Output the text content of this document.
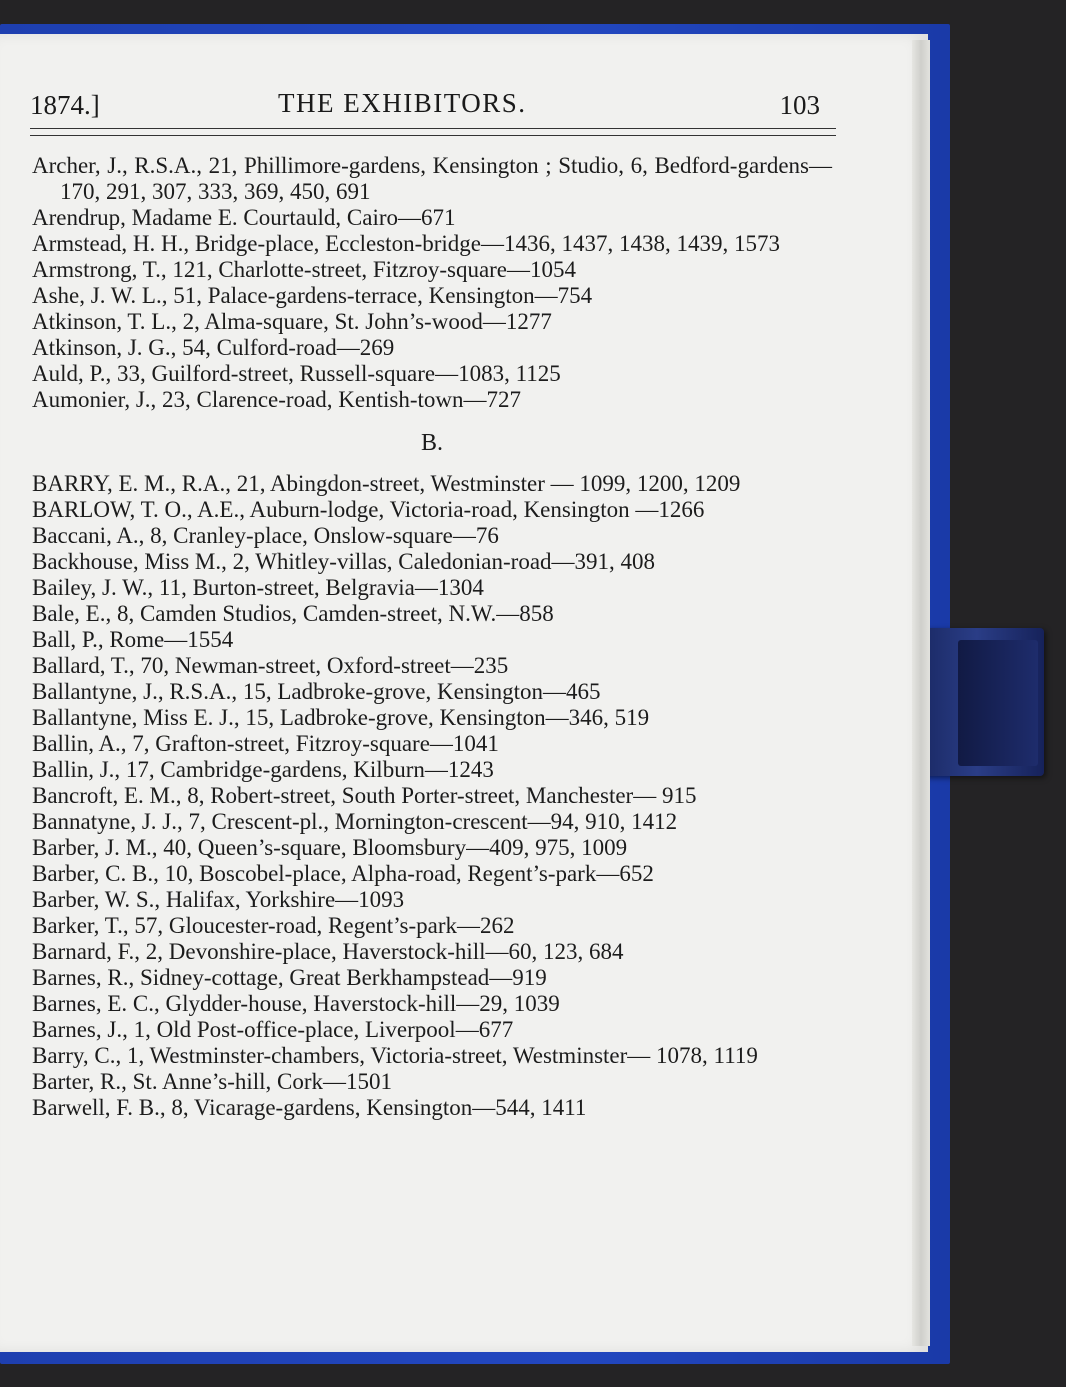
1874.]	THE EXHIBITORS.	103

Archer, J., R.S.A., 21, Phillimore-gardens, Kensington ; Studio, 6, Bedford-gardens—170, 291, 307, 333, 369, 450, 691

Arendrup, Madame E. Courtauld, Cairo—671

Armstead, H. H., Bridge-place, Eccleston-bridge—1436, 1437, 1438, 1439, 1573

Armstrong, T., 121, Charlotte-street, Fitzroy-square—1054

Ashe, J. W. L., 51, Palace-gardens-terrace, Kensington—754

Atkinson, T. L., 2, Alma-square, St. John’s-wood—1277

Atkinson, J. G., 54, Culford-road—269

Auld, P., 33, Guilford-street, Russell-square—1083, 1125

Aumonier, J., 23, Clarence-road, Kentish-town—727

B.

BARRY, E. M., R.A., 21, Abingdon-street, Westminster — 1099, 1200, 1209

BARLOW, T. O., A.E., Auburn-lodge, Victoria-road, Kensington —1266

Baccani, A., 8, Cranley-place, Onslow-square—76

Backhouse, Miss M., 2, Whitley-villas, Caledonian-road—391, 408

Bailey, J. W., 11, Burton-street, Belgravia—1304

Bale, E., 8, Camden Studios, Camden-street, N.W.—858

Ball, P., Rome—1554

Ballard, T., 70, Newman-street, Oxford-street—235

Ballantyne, J., R.S.A., 15, Ladbroke-grove, Kensington—465

Ballantyne, Miss E. J., 15, Ladbroke-grove, Kensington—346, 519

Ballin, A., 7, Grafton-street, Fitzroy-square—1041

Ballin, J., 17, Cambridge-gardens, Kilburn—1243

Bancroft, E. M., 8, Robert-street, South Porter-street, Manchester— 915

Bannatyne, J. J., 7, Crescent-pl., Mornington-crescent—94, 910, 1412

Barber, J. M., 40, Queen’s-square, Bloomsbury—409, 975, 1009

Barber, C. B., 10, Boscobel-place, Alpha-road, Regent’s-park—652

Barber, W. S., Halifax, Yorkshire—1093

Barker, T., 57, Gloucester-road, Regent’s-park—262

Barnard, F., 2, Devonshire-place, Haverstock-hill—60, 123, 684

Barnes, R., Sidney-cottage, Great Berkhampstead—919

Barnes, E. C., Glydder-house, Haverstock-hill—29, 1039

Barnes, J., 1, Old Post-office-place, Liverpool—677

Barry, C., 1, Westminster-chambers, Victoria-street, Westminster— 1078, 1119

Barter, R., St. Anne’s-hill, Cork—1501

Barwell, F. B., 8, Vicarage-gardens, Kensington—544, 1411
